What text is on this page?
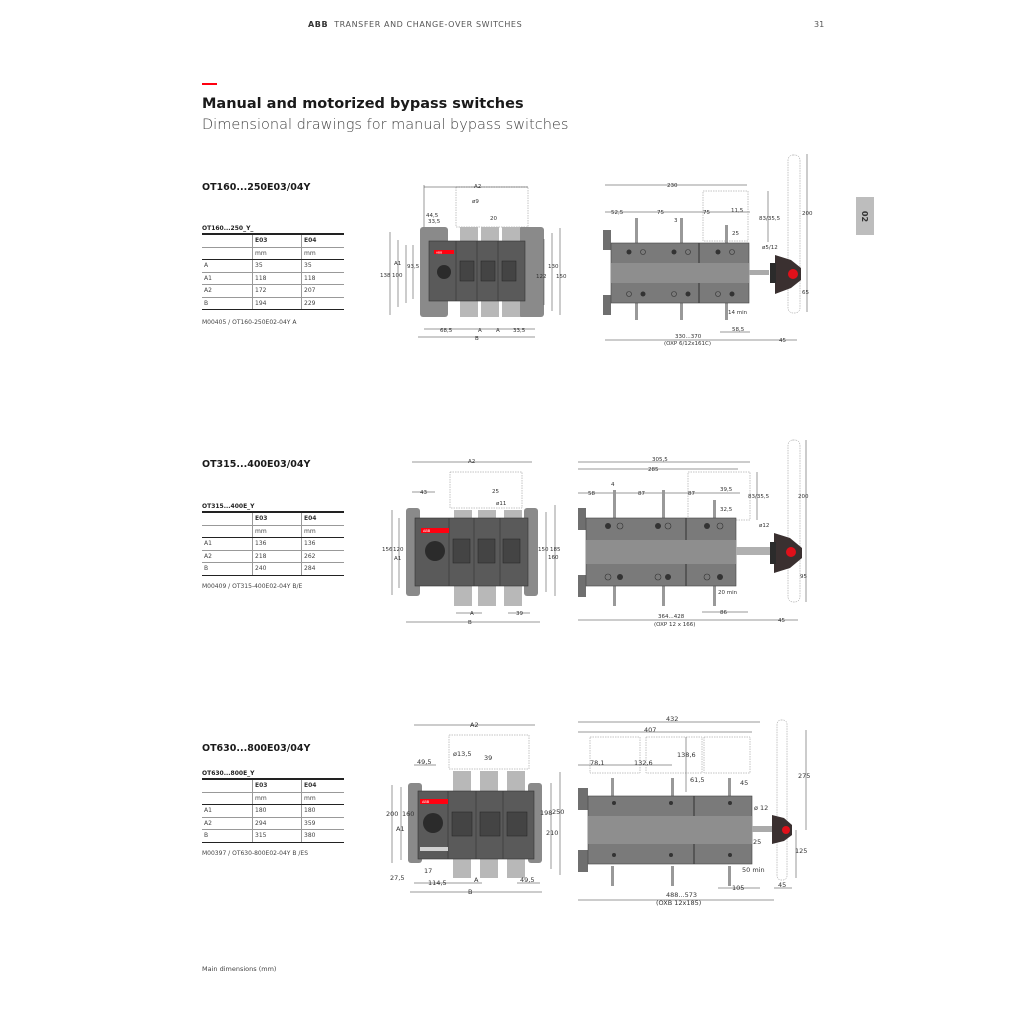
ABB TRANSFER AND CHANGE-OVER SWITCHES	31
Manual and motorized bypass switches
Dimensional drawings for manual bypass switches
02
OT160...250E03/04Y
OT160...250_Y_
	E03	E04
	mm	mm
A	35	35
A1	118	118
A2	172	207
B	194	229
M00405 / OT160-250E02-04Y A
OT315...400E03/04Y
OT315...400E_Y
	E03	E04
	mm	mm
A1	136	136
A2	218	262
B	240	284
M00409 / OT315-400E02-04Y B/E
OT630...800E03/04Y
OT630...800E_Y
	E03	E04
	mm	mm
A1	180	180
A2	294	359
B	315	380
M00397 / OT630-800E02-04Y B /ES
A2
44,5
33,5	20
ABB
ø9
138
A1
100
93,5
122
130
150
68,5	A	A 33,5
B
230
52,5	75	75	11,5
3	83/35,5
25
ø5/12
200
65
14 min
58,5
330...370
(OXP 6/12x161C)	45
A2
43	25
ø11
ABB
156 120
A1
150 185
160
A	39
B
305,5
285
4
58	87	87
39,5
83/35,5
32,5
ø12
200
95
20 min
86
364...428
(OXP 12 x 166)
45
A2
49,5
ø13,5 39
ABB
200 160
A1
198 250
210
17
27,5
114,5	A	49,5
B
432
407
78,1	132,6
138,6
61,5	45
25
ø 12
275
125
50 min
105
488...573
(OXB 12x185)
45
Main dimensions (mm)
